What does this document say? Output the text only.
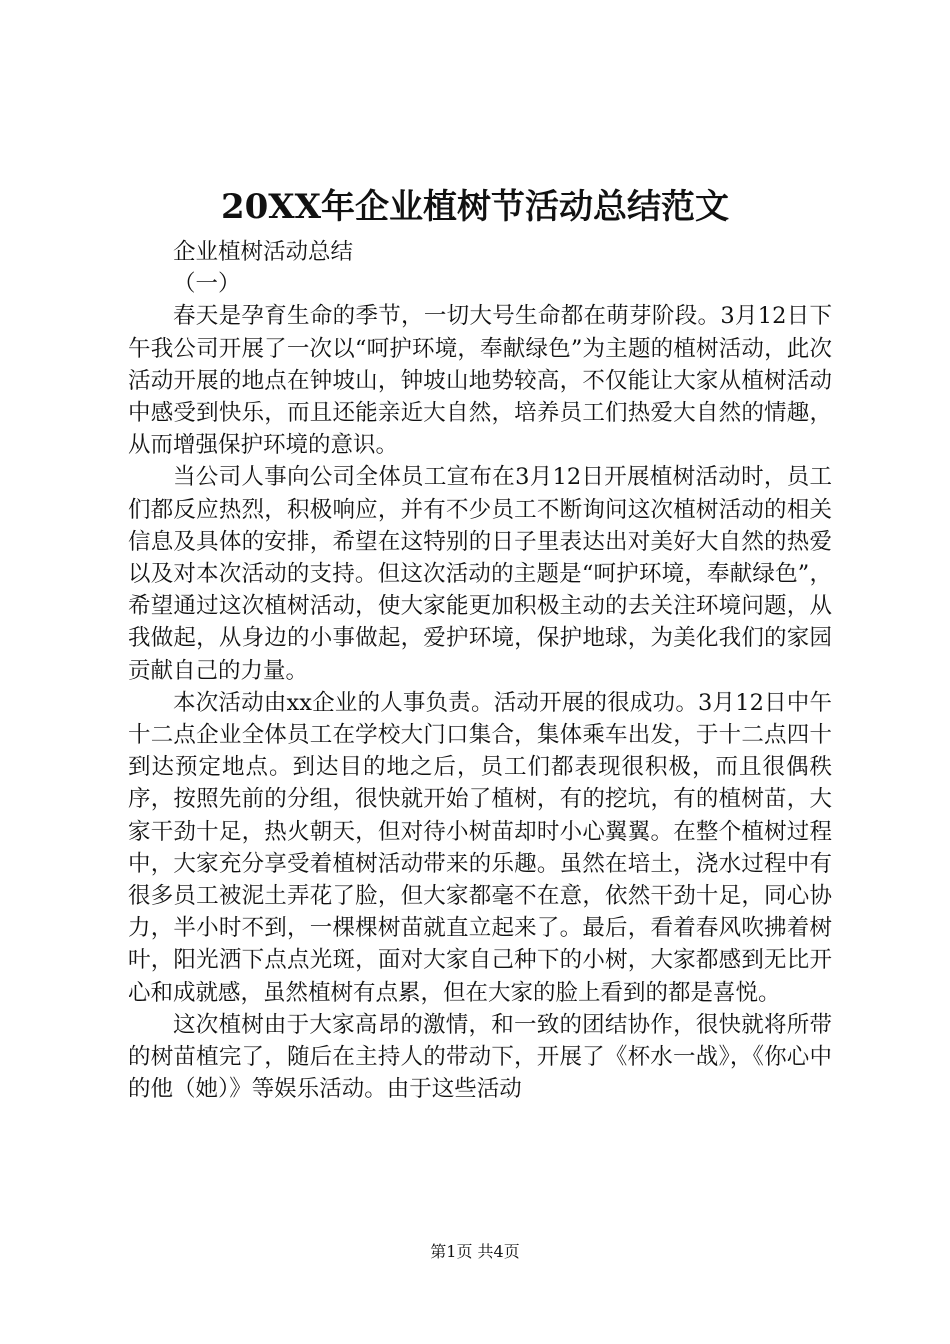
20XX年企业植树节活动总结范文

企业植树活动总结

（一）

春天是孕育生命的季节，一切大号生命都在萌芽阶段。3月12日下午我公司开展了一次以“呵护环境，奉献绿色”为主题的植树活动，此次活动开展的地点在钟坡山，钟坡山地势较高，不仅能让大家从植树活动中感受到快乐，而且还能亲近大自然，培养员工们热爱大自然的情趣，从而增强保护环境的意识。

当公司人事向公司全体员工宣布在3月12日开展植树活动时，员工们都反应热烈，积极响应，并有不少员工不断询问这次植树活动的相关信息及具体的安排，希望在这特别的日子里表达出对美好大自然的热爱以及对本次活动的支持。但这次活动的主题是“呵护环境，奉献绿色”，希望通过这次植树活动，使大家能更加积极主动的去关注环境问题，从我做起，从身边的小事做起，爱护环境，保护地球，为美化我们的家园贡献自己的力量。

本次活动由xx企业的人事负责。活动开展的很成功。3月12日中午十二点企业全体员工在学校大门口集合，集体乘车出发，于十二点四十到达预定地点。到达目的地之后，员工们都表现很积极，而且很偶秩序，按照先前的分组，很快就开始了植树，有的挖坑，有的植树苗，大家干劲十足，热火朝天，但对待小树苗却时小心翼翼。在整个植树过程中，大家充分享受着植树活动带来的乐趣。虽然在培土，浇水过程中有很多员工被泥土弄花了脸，但大家都毫不在意，依然干劲十足，同心协力，半小时不到，一棵棵树苗就直立起来了。最后，看着春风吹拂着树叶，阳光洒下点点光斑，面对大家自己种下的小树，大家都感到无比开心和成就感，虽然植树有点累，但在大家的脸上看到的都是喜悦。

这次植树由于大家高昂的激情，和一致的团结协作，很快就将所带的树苗植完了，随后在主持人的带动下，开展了《杯水一战》，《你心中的他（她）》等娱乐活动。由于这些活动

第1页 共4页
